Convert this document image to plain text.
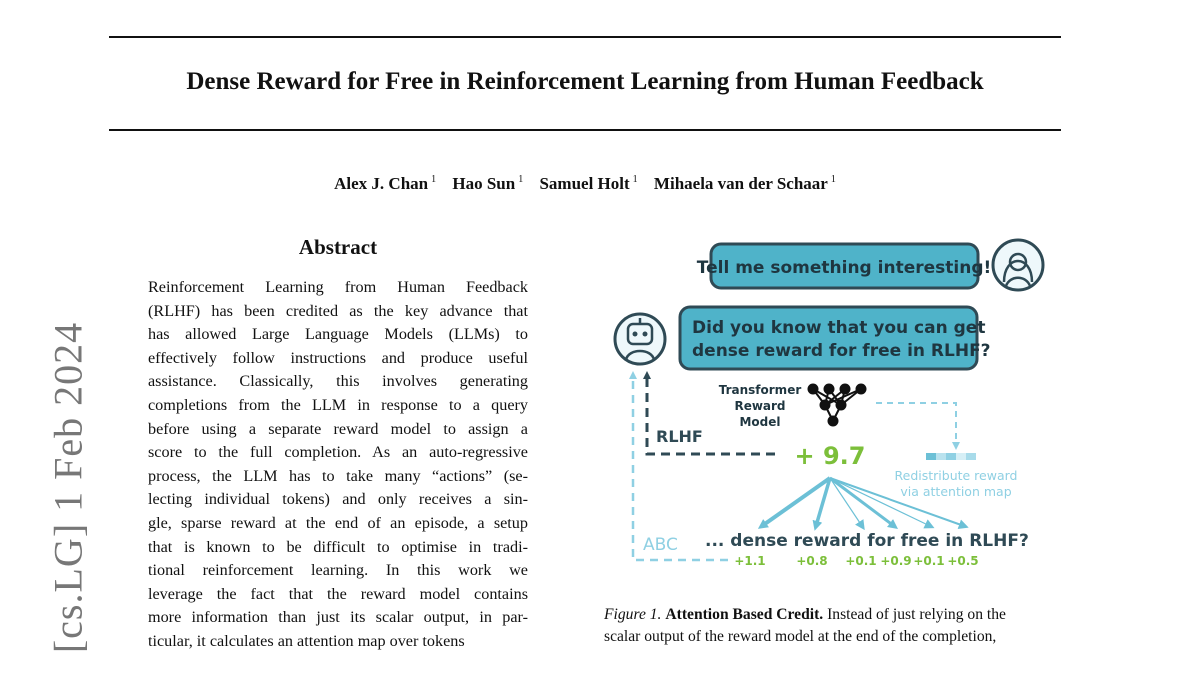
Dense Reward for Free in Reinforcement Learning from Human Feedback
Alex J. Chan $^1$ Hao Sun $^1$ Samuel Holt $^1$ Mihaela van der Schaar $^1$
[cs.LG] 1 Feb 2024
Abstract
Reinforcement Learning from Human Feedback
(RLHF) has been credited as the key advance that
has allowed Large Language Models (LLMs) to
effectively follow instructions and produce useful
assistance. Classically, this involves generating
completions from the LLM in response to a query
before using a separate reward model to assign a
score to the full completion. As an auto-regressive
process, the LLM has to take many “actions” (se-
lecting individual tokens) and only receives a sin-
gle, sparse reward at the end of an episode, a setup
that is known to be difficult to optimise in tradi-
tional reinforcement learning. In this work we
leverage the fact that the reward model contains
more information than just its scalar output, in par-
ticular, it calculates an attention map over tokens
Tell me something interesting!
Did you know that you can get
dense reward for free in RLHF?
Transformer
Reward
Model
RLHF
+ 9.7
Redistribute reward
via attention map
ABC ... dense reward for free in RLHF?
+1.1	+0.8 +0.1 +0.9 +0.1 +0.5
Figure 1. Attention Based Credit. Instead of just relying on the
scalar output of the reward model at the end of the completion,
